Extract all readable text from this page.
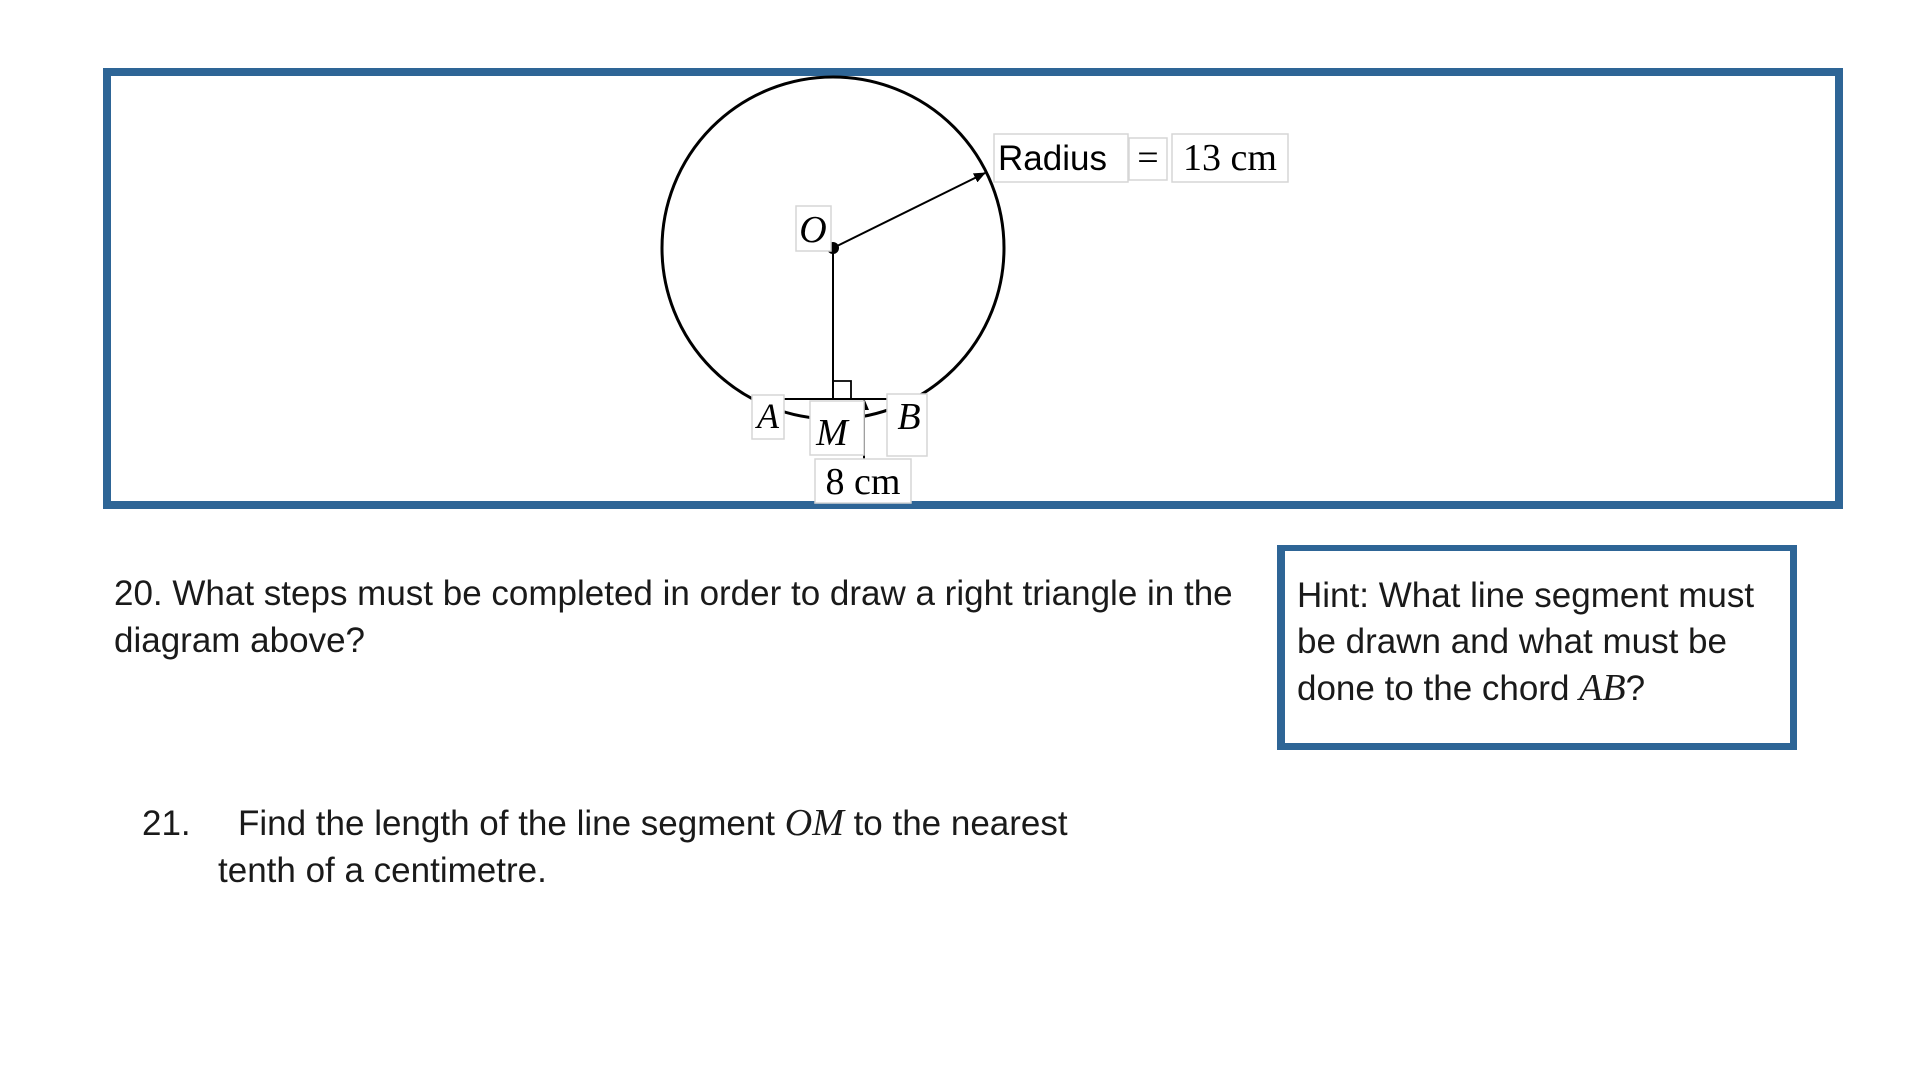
O
A M B
8 cm
Radius = 13 cm

20. What steps must be completed in order to draw a right triangle in the diagram above?

Hint: What line segment must be drawn and what must be done to the chord AB?
21. Find the length of the line segment OM to the nearest
tenth of a centimetre.
